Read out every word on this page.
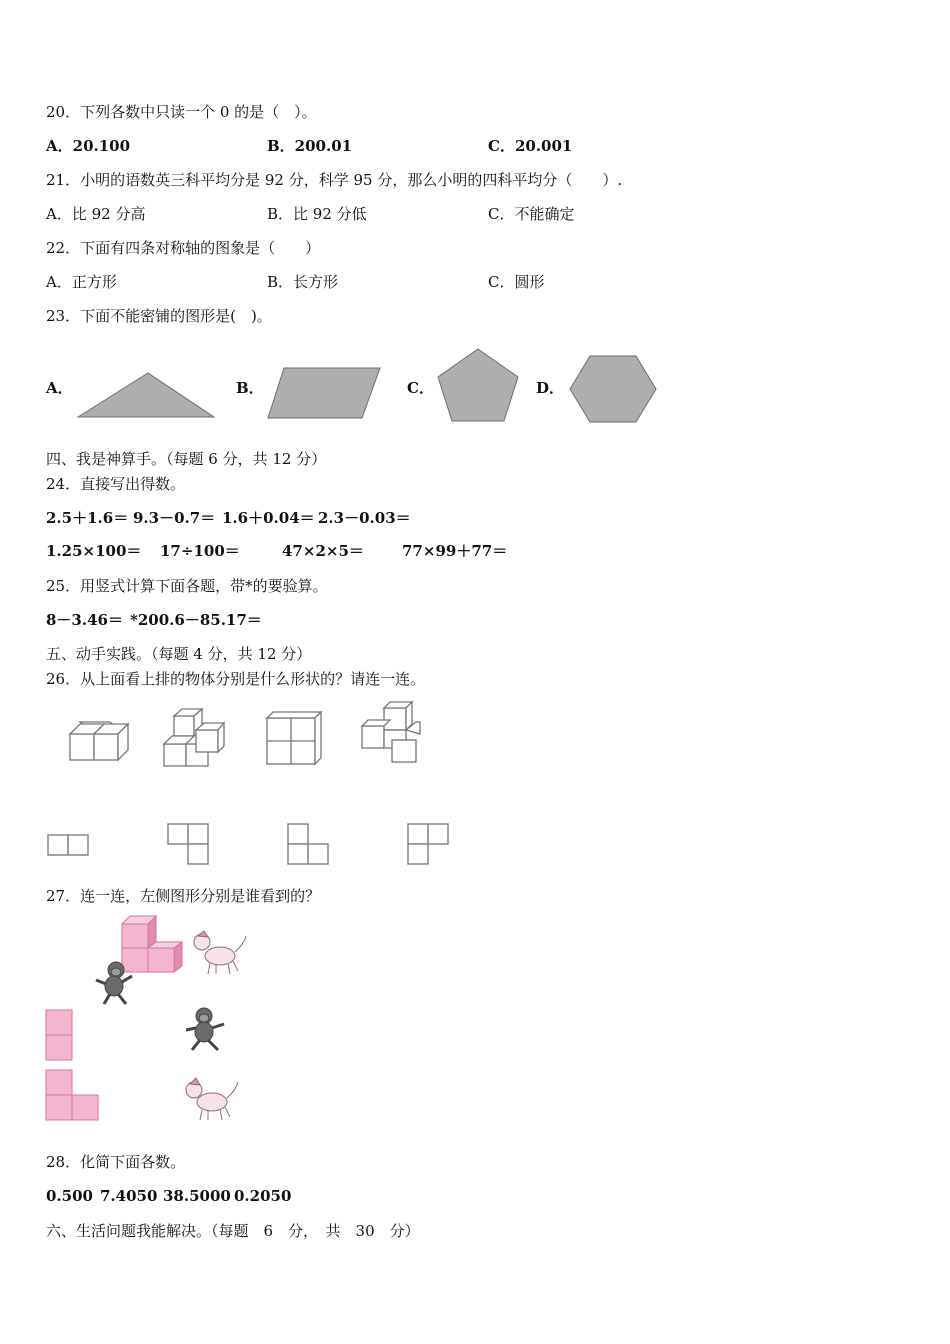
20．下列各数中只读一个 0 的是（　）。
A．20.100	B．200.01	C．20.001
21．小明的语数英三科平均分是 92 分，科学 95 分，那么小明的四科平均分（　　）.
A．比 92 分高	B．比 92 分低	C．不能确定
22．下面有四条对称轴的图象是（　　）
A．正方形	B．长方形	C．圆形
23．下面不能密铺的图形是(　)。
A．	B．	C．	D．
四、我是神算手。（每题 6 分，共 12 分）
24．直接写出得数。
2.5＋1.6＝ 9.3－0.7＝ 1.6＋0.04＝ 2.3－0.03＝
1.25×100＝ 17÷100＝	47×2×5＝	77×99＋77＝
25．用竖式计算下面各题，带*的要验算。
8－3.46＝ *200.6－85.17＝
五、动手实践。（每题 4 分，共 12 分）
26．从上面看上排的物体分别是什么形状的？请连一连。
27．连一连，左侧图形分别是谁看到的？
28．化简下面各数。
0.500 7.4050 38.5000 0.2050
六、生活问题我能解决。（每题　6　分，　共　30　分）
